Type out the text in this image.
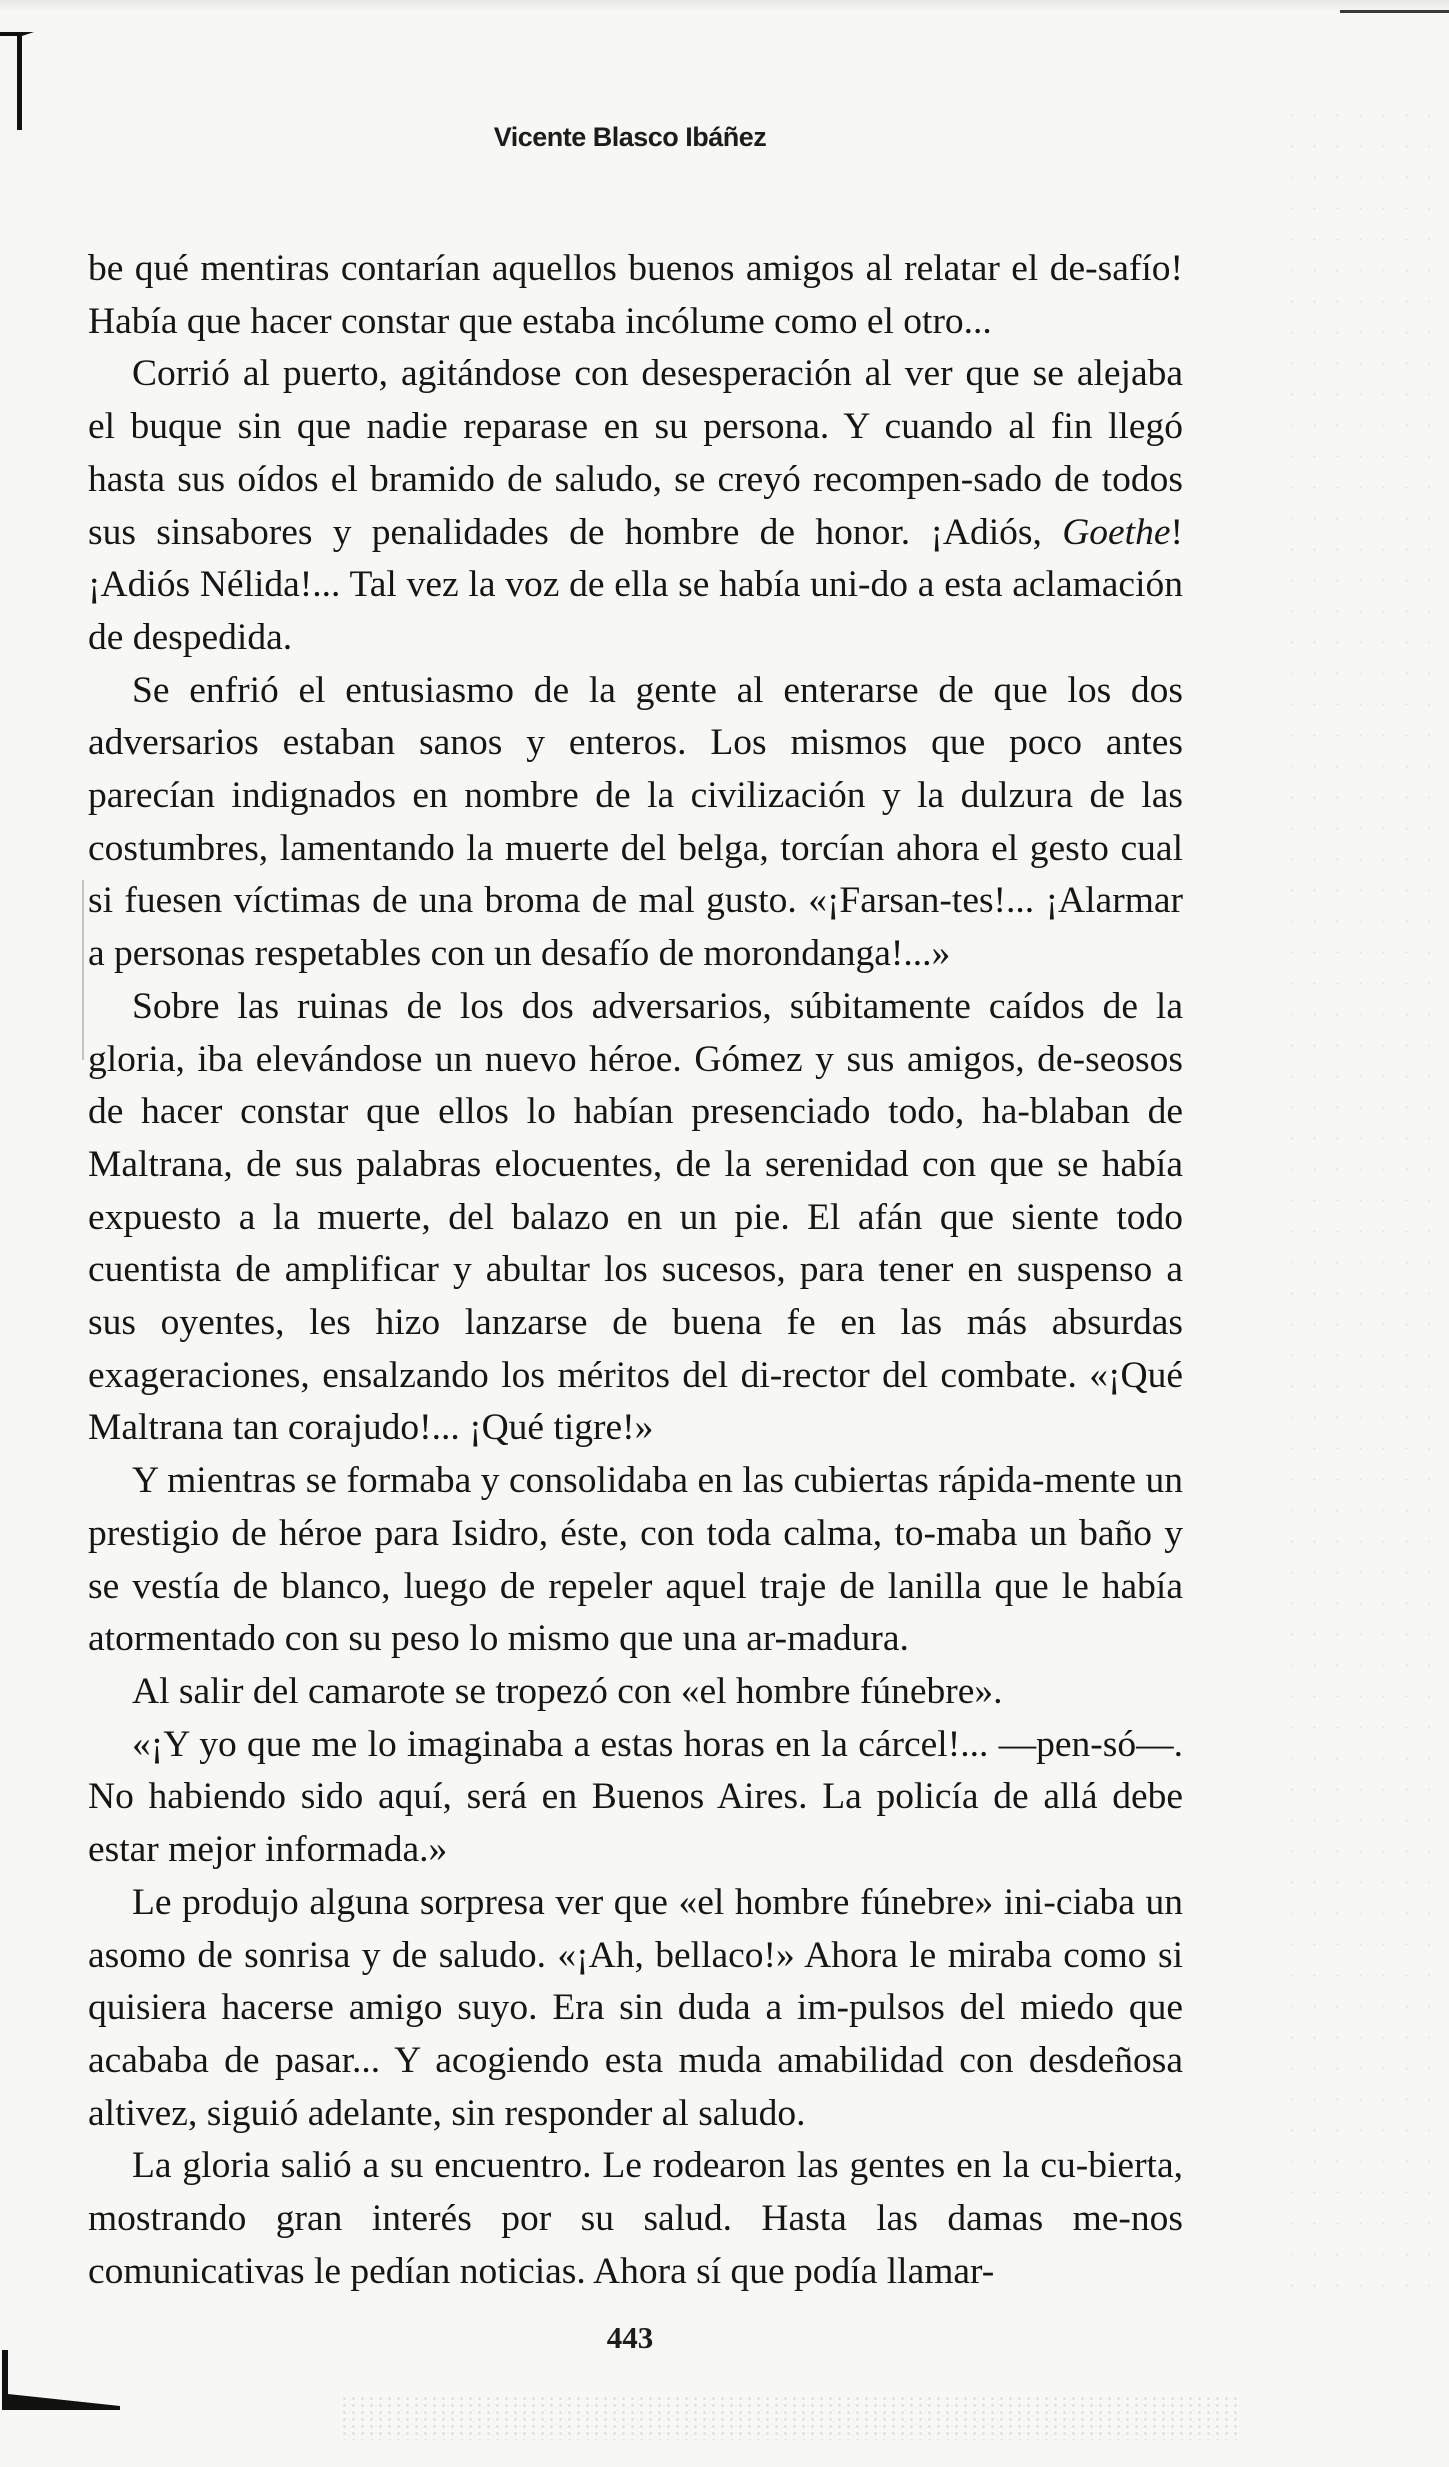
Vicente Blasco Ibáñez

be qué mentiras contarían aquellos buenos amigos al relatar el de-safío! Había que hacer constar que estaba incólume como el otro...

Corrió al puerto, agitándose con desesperación al ver que se alejaba el buque sin que nadie reparase en su persona. Y cuando al fin llegó hasta sus oídos el bramido de saludo, se creyó recompen-sado de todos sus sinsabores y penalidades de hombre de honor. ¡Adiós, Goethe! ¡Adiós Nélida!... Tal vez la voz de ella se había uni-do a esta aclamación de despedida.

Se enfrió el entusiasmo de la gente al enterarse de que los dos adversarios estaban sanos y enteros. Los mismos que poco antes parecían indignados en nombre de la civilización y la dulzura de las costumbres, lamentando la muerte del belga, torcían ahora el gesto cual si fuesen víctimas de una broma de mal gusto. «¡Farsan-tes!... ¡Alarmar a personas respetables con un desafío de morondanga!...»

Sobre las ruinas de los dos adversarios, súbitamente caídos de la gloria, iba elevándose un nuevo héroe. Gómez y sus amigos, de-seosos de hacer constar que ellos lo habían presenciado todo, ha-blaban de Maltrana, de sus palabras elocuentes, de la serenidad con que se había expuesto a la muerte, del balazo en un pie. El afán que siente todo cuentista de amplificar y abultar los sucesos, para tener en suspenso a sus oyentes, les hizo lanzarse de buena fe en las más absurdas exageraciones, ensalzando los méritos del di-rector del combate. «¡Qué Maltrana tan corajudo!... ¡Qué tigre!»

Y mientras se formaba y consolidaba en las cubiertas rápida-mente un prestigio de héroe para Isidro, éste, con toda calma, to-maba un baño y se vestía de blanco, luego de repeler aquel traje de lanilla que le había atormentado con su peso lo mismo que una ar-madura.

Al salir del camarote se tropezó con «el hombre fúnebre».

«¡Y yo que me lo imaginaba a estas horas en la cárcel!... —pen-só—. No habiendo sido aquí, será en Buenos Aires. La policía de allá debe estar mejor informada.»

Le produjo alguna sorpresa ver que «el hombre fúnebre» ini-ciaba un asomo de sonrisa y de saludo. «¡Ah, bellaco!» Ahora le miraba como si quisiera hacerse amigo suyo. Era sin duda a im-pulsos del miedo que acababa de pasar... Y acogiendo esta muda amabilidad con desdeñosa altivez, siguió adelante, sin responder al saludo.

La gloria salió a su encuentro. Le rodearon las gentes en la cu-bierta, mostrando gran interés por su salud. Hasta las damas me-nos comunicativas le pedían noticias. Ahora sí que podía llamar-

443
